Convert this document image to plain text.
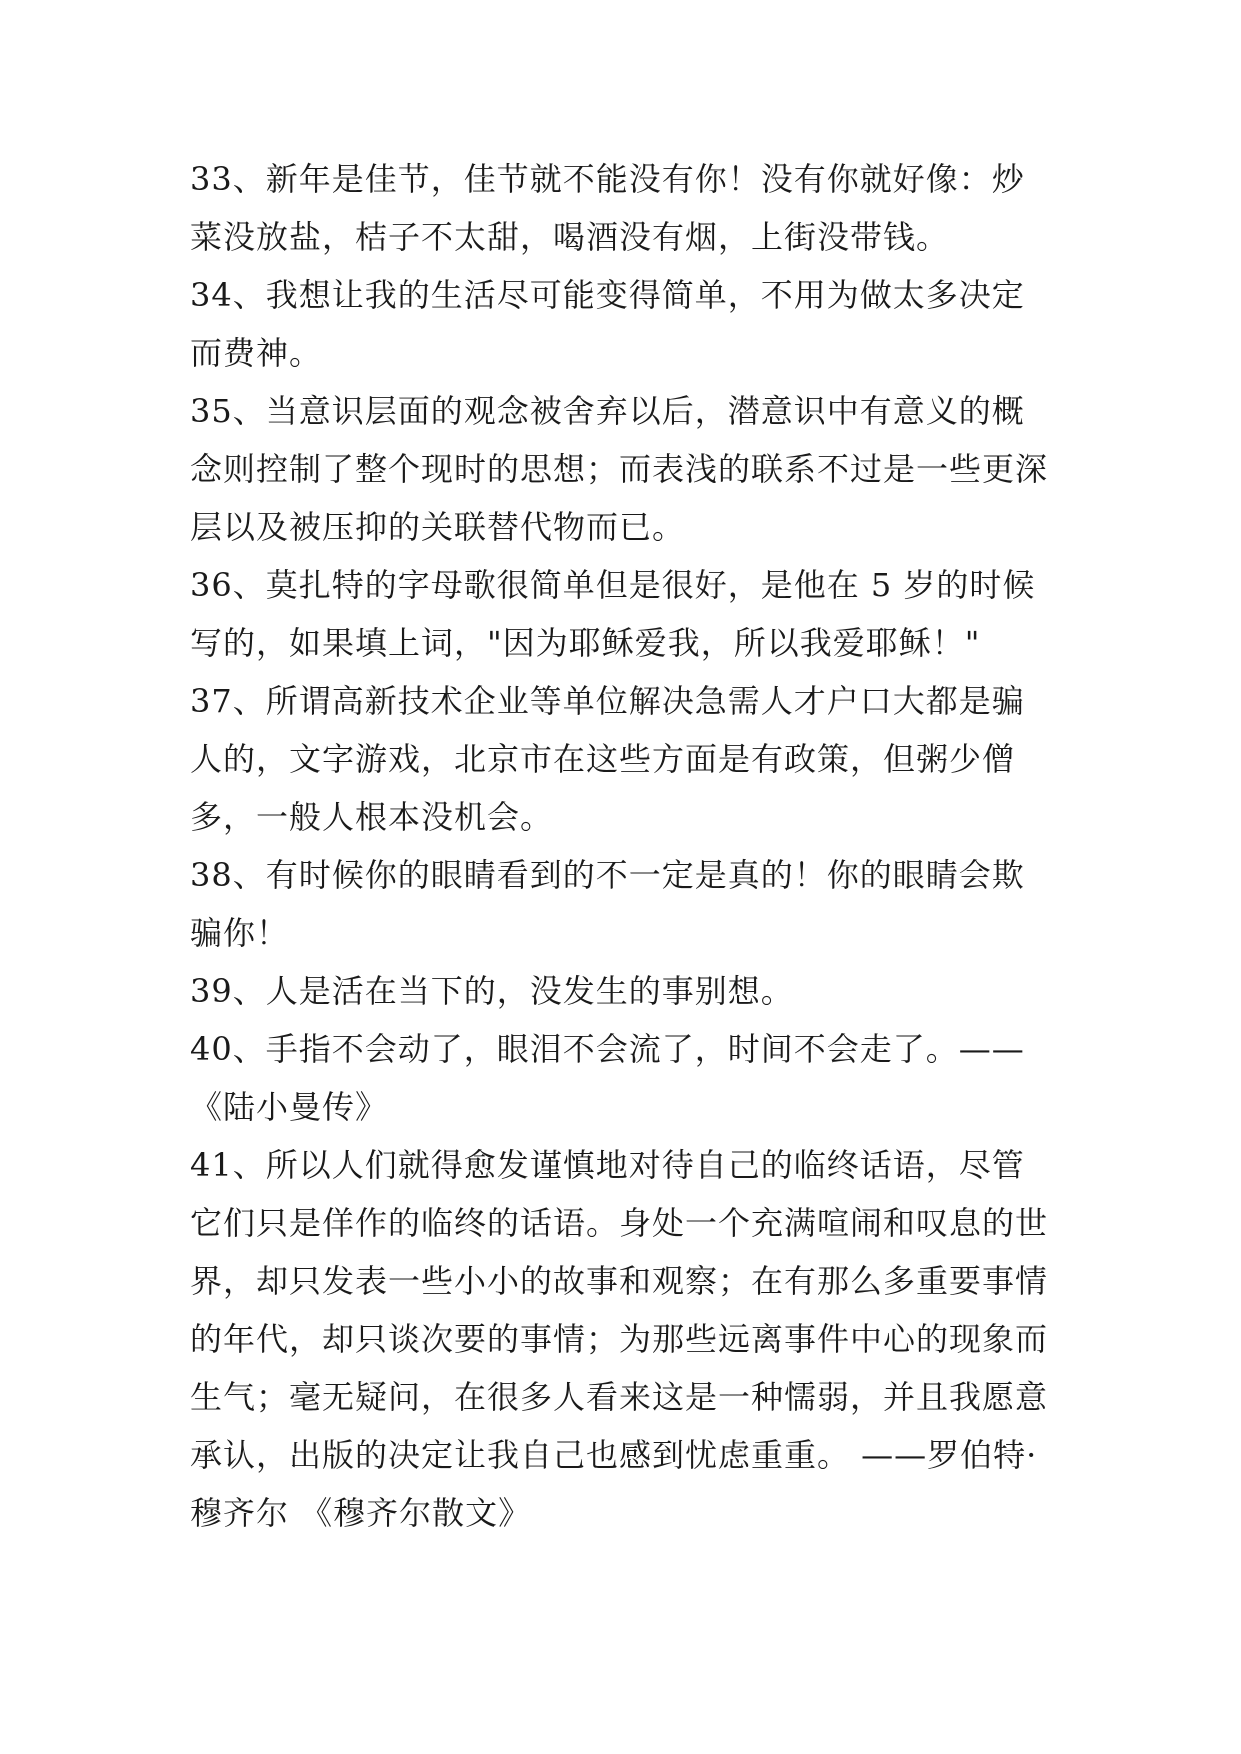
33、新年是佳节，佳节就不能没有你！没有你就好像：炒菜没放盐，桔子不太甜，喝酒没有烟，上街没带钱。

34、我想让我的生活尽可能变得简单，不用为做太多决定而费神。

35、当意识层面的观念被舍弃以后，潜意识中有意义的概念则控制了整个现时的思想；而表浅的联系不过是一些更深层以及被压抑的关联替代物而已。

36、莫扎特的字母歌很简单但是很好，是他在 5 岁的时候写的，如果填上词，"因为耶稣爱我，所以我爱耶稣！"

37、所谓高新技术企业等单位解决急需人才户口大都是骗人的，文字游戏，北京市在这些方面是有政策，但粥少僧多，一般人根本没机会。

38、有时候你的眼睛看到的不一定是真的！你的眼睛会欺骗你！

39、人是活在当下的，没发生的事别想。

40、手指不会动了，眼泪不会流了，时间不会走了。——《陆小曼传》

41、所以人们就得愈发谨慎地对待自己的临终话语，尽管它们只是佯作的临终的话语。身处一个充满喧闹和叹息的世界，却只发表一些小小的故事和观察；在有那么多重要事情的年代，却只谈次要的事情；为那些远离事件中心的现象而生气；毫无疑问，在很多人看来这是一种懦弱，并且我愿意承认，出版的决定让我自己也感到忧虑重重。 ——罗伯特·穆齐尔 《穆齐尔散文》
